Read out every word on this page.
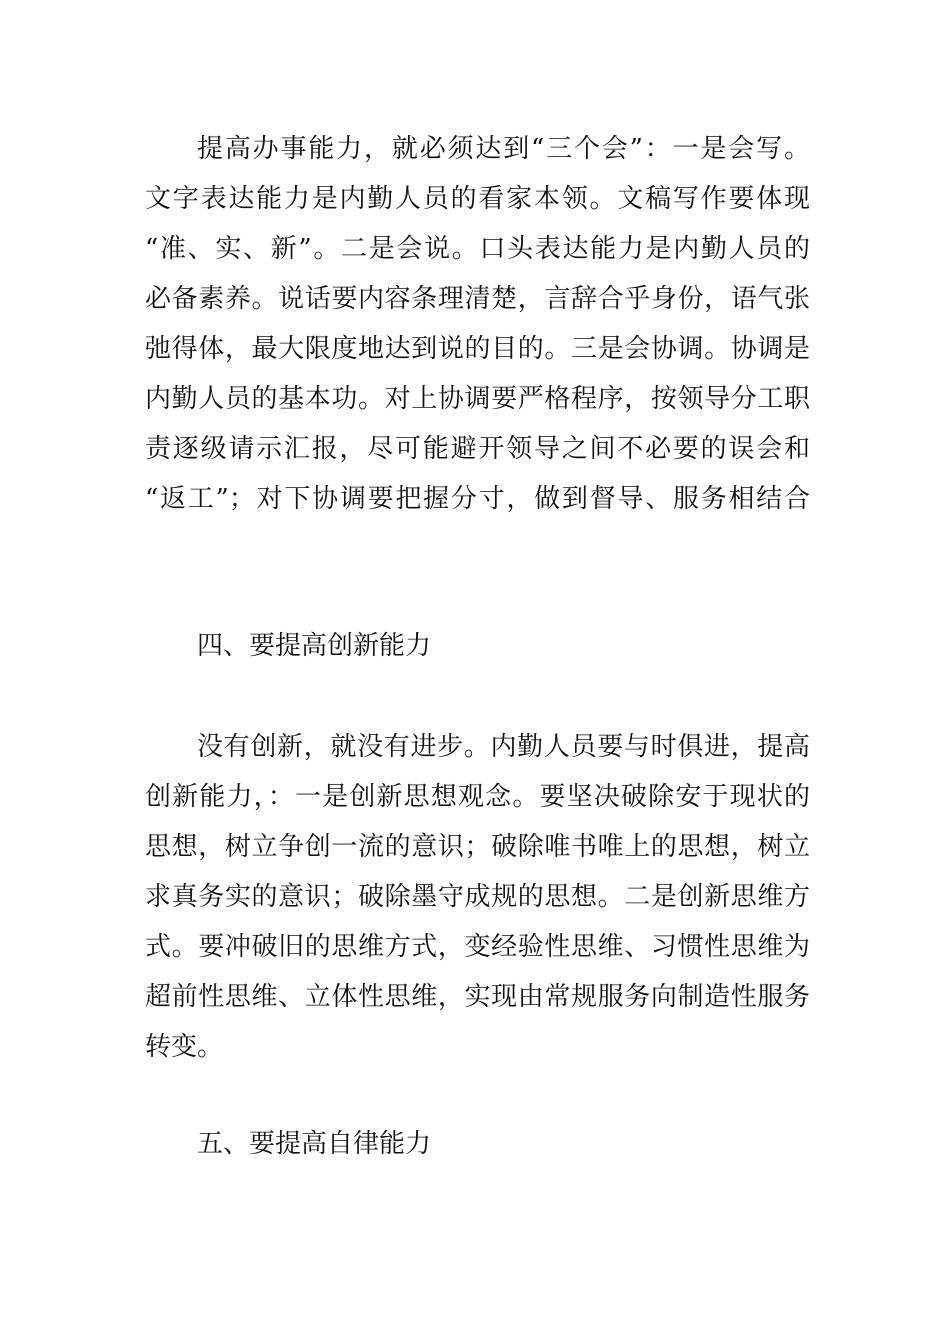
提高办事能力，就必须达到“三个会”：一是会写。
文字表达能力是内勤人员的看家本领。文稿写作要体现
“准、实、新”。二是会说。口头表达能力是内勤人员的
必备素养。说话要内容条理清楚，言辞合乎身份，语气张
弛得体，最大限度地达到说的目的。三是会协调。协调是
内勤人员的基本功。对上协调要严格程序，按领导分工职
责逐级请示汇报，尽可能避开领导之间不必要的误会和
“返工”；对下协调要把握分寸，做到督导、服务相结合
四、要提高创新能力
没有创新，就没有进步。内勤人员要与时俱进，提高
创新能力，：一是创新思想观念。要坚决破除安于现状的
思想，树立争创一流的意识；破除唯书唯上的思想，树立
求真务实的意识；破除墨守成规的思想。二是创新思维方
式。要冲破旧的思维方式，变经验性思维、习惯性思维为
超前性思维、立体性思维，实现由常规服务向制造性服务
转变。
五、要提高自律能力
